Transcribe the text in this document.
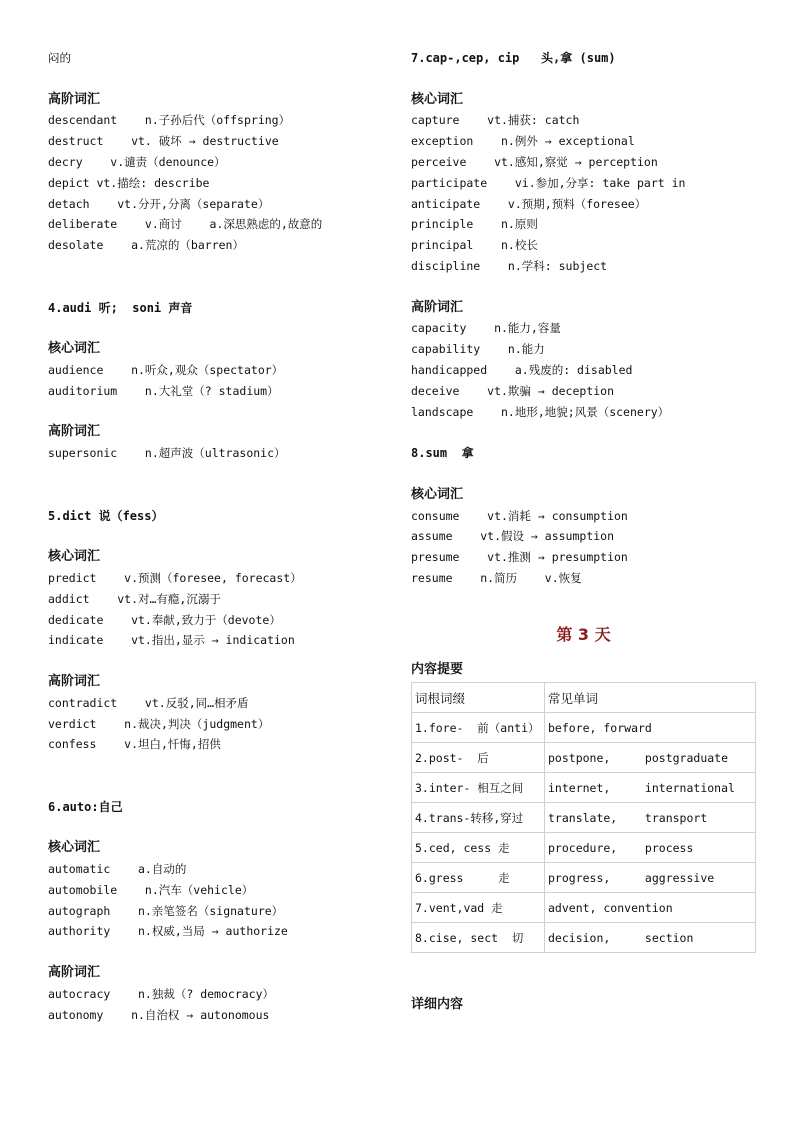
闷的
高阶词汇
descendant    n.子孙后代（offspring）
destruct    vt. 破坏 → destructive
decry    v.谴责（denounce）
depict vt.描绘: describe
detach    vt.分开,分离（separate）
deliberate    v.商讨    a.深思熟虑的,故意的
desolate    a.荒凉的（barren）
4.audi 听;  soni 声音
核心词汇
audience    n.听众,观众（spectator）
auditorium    n.大礼堂（? stadium）
高阶词汇
supersonic    n.超声波（ultrasonic）
5.dict 说（fess）
核心词汇
predict    v.预测（foresee, forecast）
addict    vt.对…有瘾,沉溺于
dedicate    vt.奉献,致力于（devote）
indicate    vt.指出,显示 → indication
高阶词汇
contradict    vt.反驳,同…相矛盾
verdict    n.裁决,判决（judgment）
confess    v.坦白,忏悔,招供
6.auto:自己
核心词汇
automatic    a.自动的
automobile    n.汽车（vehicle）
autograph    n.亲笔签名（signature）
authority    n.权威,当局 → authorize
高阶词汇
autocracy    n.独裁（? democracy）
autonomy    n.自治权 → autonomous
7.cap-,cep, cip   头,拿 (sum)
核心词汇
capture    vt.捕获: catch
exception    n.例外 → exceptional
perceive    vt.感知,察觉 → perception
participate    vi.参加,分享: take part in
anticipate    v.预期,预料（foresee）
principle    n.原则
principal    n.校长
discipline    n.学科: subject
高阶词汇
capacity    n.能力,容量
capability    n.能力
handicapped    a.残废的: disabled
deceive    vt.欺骗 → deception
landscape    n.地形,地貌;风景（scenery）
8.sum  拿
核心词汇
consume    vt.消耗 → consumption
assume    vt.假设 → assumption
presume    vt.推测 → presumption
resume    n.简历    v.恢复
第 3 天
内容提要
词根词缀	常见单词
1.fore-  前（anti）	before, forward
2.post-  后	postpone,     postgraduate
3.inter- 相互之间	internet,     international
4.trans-转移,穿过	translate,    transport
5.ced, cess 走	procedure,    process
6.gress     走	progress,     aggressive
7.vent,vad 走	advent, convention
8.cise, sect  切	decision,     section
详细内容
